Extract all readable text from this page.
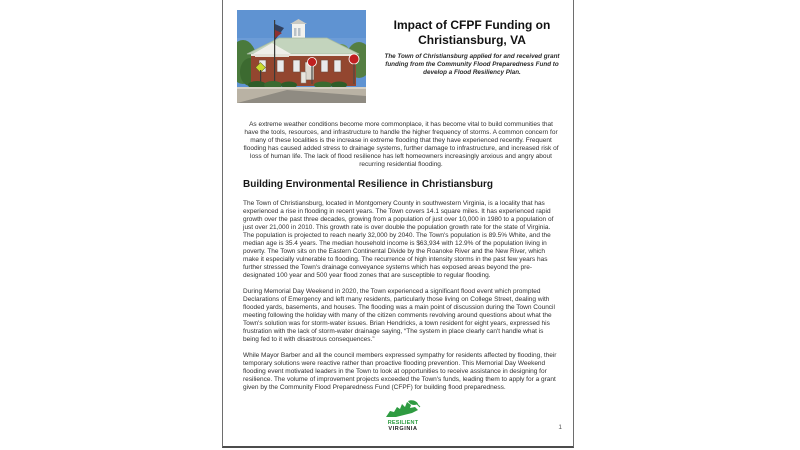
Impact of CFPF Funding on
Christiansburg, VA
The Town of Christiansburg applied for and received grant funding from the Community Flood Preparedness Fund to develop a Flood Resiliency Plan.

As extreme weather conditions become more commonplace, it has become vital to build communities that have the tools, resources, and infrastructure to handle the higher frequency of storms. A common concern for many of these localities is the increase in extreme flooding that they have experienced recently. Frequent flooding has caused added stress to drainage systems, further damage to infrastructure, and increased risk of loss of human life. The lack of flood resilience has left homeowners increasingly anxious and angry about recurring residential flooding.

Building Environmental Resilience in Christiansburg

The Town of Christiansburg, located in Montgomery County in southwestern Virginia, is a locality that has experienced a rise in flooding in recent years. The Town covers 14.1 square miles. It has experienced rapid growth over the past three decades, growing from a population of just over 10,000 in 1980 to a population of just over 21,000 in 2010. This growth rate is over double the population growth rate for the state of Virginia. The population is projected to reach nearly 32,000 by 2040. The Town's population is 89.5% White, and the median age is 35.4 years. The median household income is $63,934 with 12.9% of the population living in poverty. The Town sits on the Eastern Continental Divide by the Roanoke River and the New River, which make it especially vulnerable to flooding. The recurrence of high intensity storms in the past few years has further stressed the Town's drainage conveyance systems which has exposed areas beyond the pre-designated 100 year and 500 year flood zones that are susceptible to regular flooding.

During Memorial Day Weekend in 2020, the Town experienced a significant flood event which prompted Declarations of Emergency and left many residents, particularly those living on College Street, dealing with flooded yards, basements, and houses. The flooding was a main point of discussion during the Town Council meeting following the holiday with many of the citizen comments revolving around questions about what the Town's solution was for storm-water issues. Brian Hendricks, a town resident for eight years, expressed his frustration with the lack of storm-water drainage saying, “The system in place clearly can't handle what is being fed to it with disastrous consequences.”

While Mayor Barber and all the council members expressed sympathy for residents affected by flooding, their temporary solutions were reactive rather than proactive flooding prevention. This Memorial Day Weekend flooding event motivated leaders in the Town to look at opportunities to receive assistance in designing for resilience. The volume of improvement projects exceeded the Town's funds, leading them to apply for a grant given by the Community Flood Preparedness Fund (CFPF) for building flood preparedness.

RESILIENT
VIRGINIA	1
